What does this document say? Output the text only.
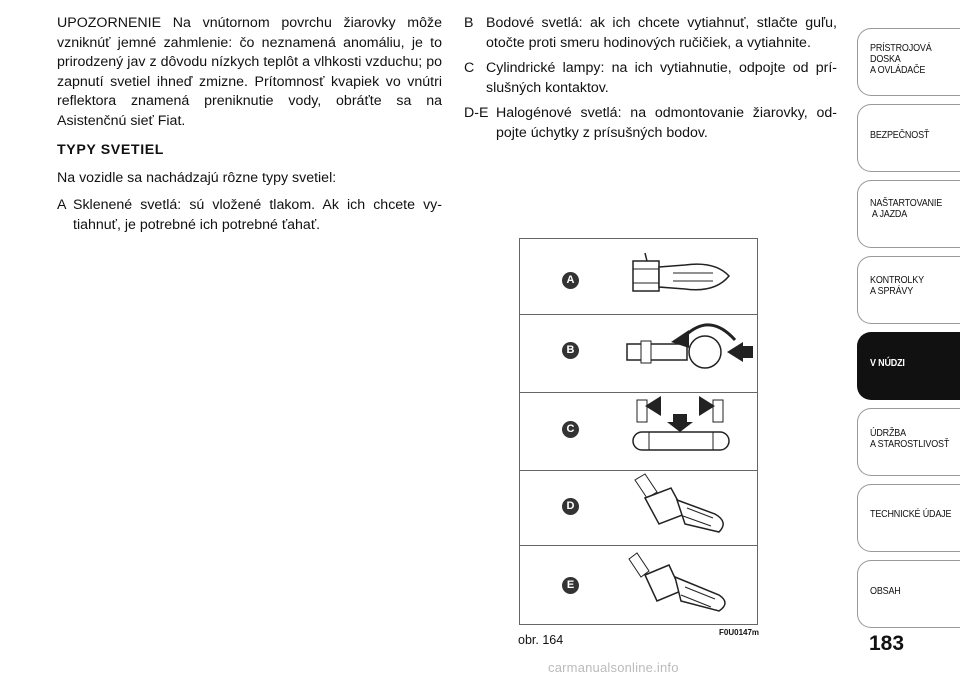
UPOZORNENIE Na vnútornom povrchu žiarovky môže vzniknúť jemné zahmlenie: čo neznamená anomáliu, je to prirodzený jav z dôvodu nízkych teplôt a vlhkosti vzduchu; po zapnutí svetiel ihneď zmizne. Prítomnosť kvapiek vo vnútri reflektora znamená preniknutie vody, obráťte sa na Asistenčnú sieť Fiat.

TYPY SVETIEL

Na vozidle sa nachádzajú rôzne typy svetiel:

A Sklenené svetlá: sú vložené tlakom. Ak ich chcete vy- tiahnuť, je potrebné ich potrebné ťahať.
B Bodové svetlá: ak ich chcete vytiahnuť, stlačte guľu, otočte proti smeru hodinových ručičiek, a vytiahnite.
C Cylindrické lampy: na ich vytiahnutie, odpojte od prí- slušných kontaktov.
D-E Halogénové svetlá: na odmontovanie žiarovky, od- pojte úchytky z prísušných bodov.
A
B
C
D
E
obr. 164
F0U0147m
PRÍSTROJOVÁ
DOSKA
A OVLÁDAČE
BEZPEČNOSŤ
NAŠTARTOVANIE
A JAZDA
KONTROLKY
A SPRÁVY
V NÚDZI
ÚDRŽBA
A STAROSTLIVOSŤ
TECHNICKÉ ÚDAJE
OBSAH
183
carmanualsonline.info
